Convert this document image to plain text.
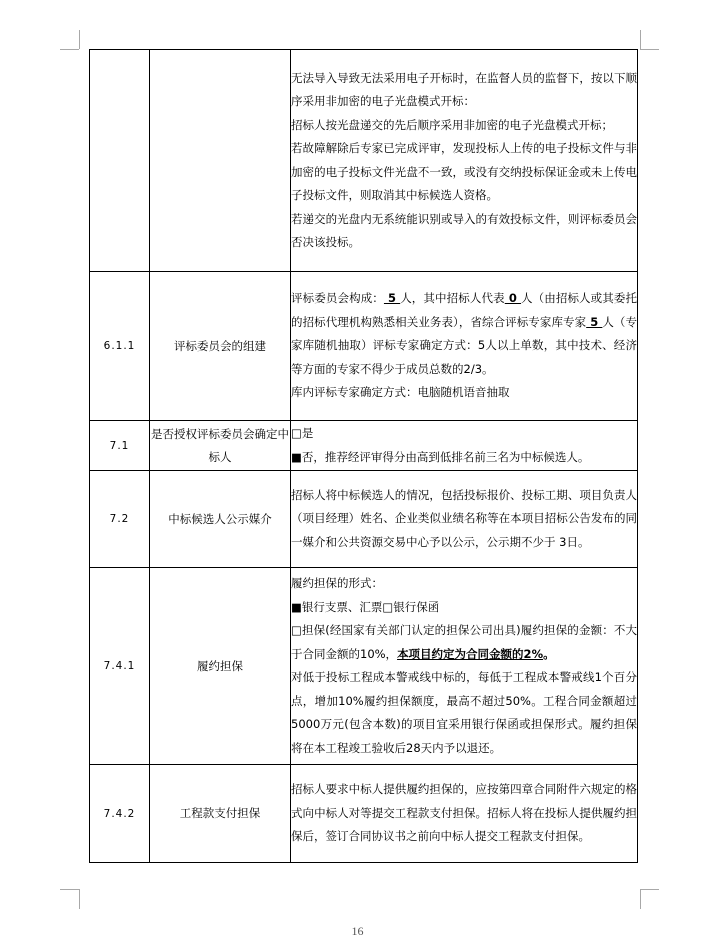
		无法导入导致无法采用电子开标时，在监督人员的监督下，按以下顺序采用非加密的电子光盘模式开标：

招标人按光盘递交的先后顺序采用非加密的电子光盘模式开标；

若故障解除后专家已完成评审，发现投标人上传的电子投标文件与非加密的电子投标文件光盘不一致，或没有交纳投标保证金或未上传电子投标文件，则取消其中标候选人资格。

若递交的光盘内无系统能识别或导入的有效投标文件，则评标委员会否决该投标。

6.1.1	评标委员会的组建	评标委员会构成： 5 人，其中招标人代表 0 人（由招标人或其委托的招标代理机构熟悉相关业务表），省综合评标专家库专家 5 人（专家库随机抽取）评标专家确定方式：5人以上单数，其中技术、经济等方面的专家不得少于成员总数的2/3。

库内评标专家确定方式：电脑随机语音抽取

7.1	是否授权评标委员会确定中标人	□是

■否，推荐经评审得分由高到低排名前三名为中标候选人。

7.2	中标候选人公示媒介	招标人将中标候选人的情况，包括投标报价、投标工期、项目负责人（项目经理）姓名、企业类似业绩名称等在本项目招标公告发布的同一媒介和公共资源交易中心予以公示，公示期不少于 3日。

7.4.1	履约担保	履约担保的形式：

■银行支票、汇票□银行保函

□担保(经国家有关部门认定的担保公司出具)履约担保的金额：不大于合同金额的10%，本项目约定为合同金额的2%。

对低于投标工程成本警戒线中标的，每低于工程成本警戒线1个百分点，增加10%履约担保额度，最高不超过50%。工程合同金额超过5000万元(包含本数)的项目宜采用银行保函或担保形式。履约担保将在本工程竣工验收后28天内予以退还。

7.4.2	工程款支付担保	招标人要求中标人提供履约担保的，应按第四章合同附件六规定的格式向中标人对等提交工程款支付担保。招标人将在投标人提供履约担保后，签订合同协议书之前向中标人提交工程款支付担保。

16
